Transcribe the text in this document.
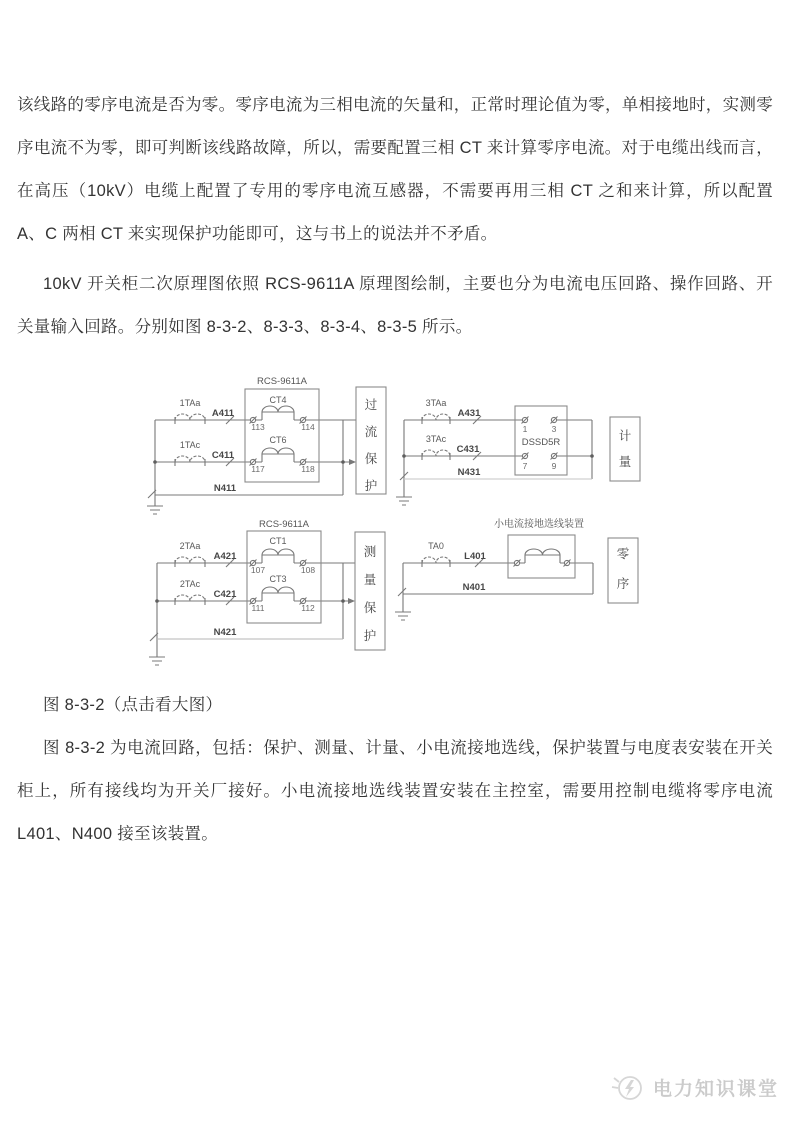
该线路的零序电流是否为零。零序电流为三相电流的矢量和，正常时理论值为零，单相接地时，实测零序电流不为零，即可判断该线路故障，所以，需要配置三相 CT 来计算零序电流。对于电缆出线而言，在高压（10kV）电缆上配置了专用的零序电流互感器，不需要再用三相 CT 之和来计算，所以配置 A、C 两相 CT 来实现保护功能即可，这与书上的说法并不矛盾。

10kV 开关柜二次原理图依照 RCS-9611A 原理图绘制，主要也分为电流电压回路、操作回路、开关量输入回路。分别如图 8-3-2、8-3-3、8-3-4、8-3-5 所示。

RCS-9611A
1TAa
1TAc
A411
C411
N411
CT4
CT6
113	114
117	118
过流保护
3TAa
3TAc
A431
C431
N431
DSSD5R
1	3
7	9
计量
RCS-9611A
2TAa
2TAc
A421
C421
N421
CT1
CT3
107	108
111	112
测量保护
TA0
L401
N401
小电流接地选线装置
零序

图 8-3-2（点击看大图）

图 8-3-2 为电流回路，包括：保护、测量、计量、小电流接地选线，保护装置与电度表安装在开关柜上，所有接线均为开关厂接好。小电流接地选线装置安装在主控室，需要用控制电缆将零序电流 L401、N400 接至该装置。

电力知识课堂
